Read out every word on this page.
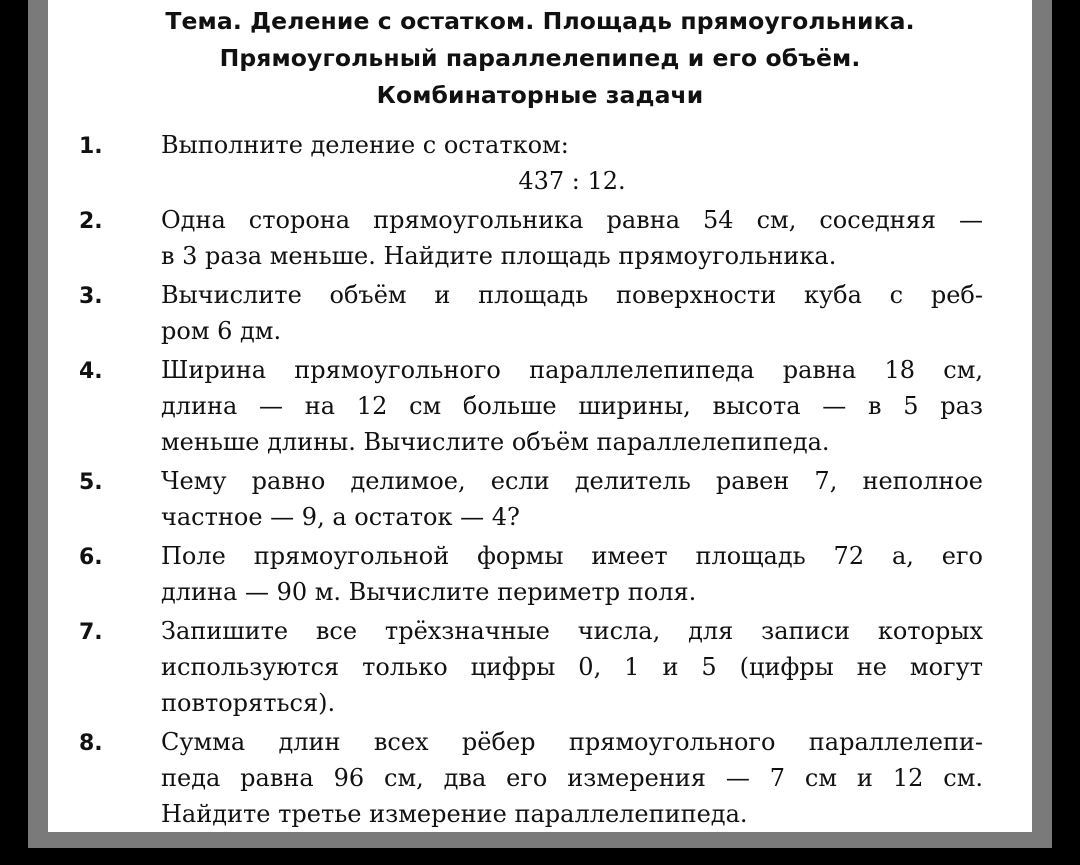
Тема. Деление с остатком. Площадь прямоугольника.
Прямоугольный параллелепипед и его объём.
Комбинаторные задачи
1. Выполните деление с остатком:
437 : 12.
2. Одна сторона прямоугольника равна 54 см, соседняя —
в 3 раза меньше. Найдите площадь прямоугольника.
3. Вычислите объём и площадь поверхности куба с реб-
ром 6 дм.
4. Ширина прямоугольного параллелепипеда равна 18 см,
длина — на 12 см больше ширины, высота — в 5 раз
меньше длины. Вычислите объём параллелепипеда.
5. Чему равно делимое, если делитель равен 7, неполное
частное — 9, а остаток — 4?
6. Поле прямоугольной формы имеет площадь 72 а, его
длина — 90 м. Вычислите периметр поля.
7. Запишите все трёхзначные числа, для записи которых
используются только цифры 0, 1 и 5 (цифры не могут
повторяться).
8. Сумма длин всех рёбер прямоугольного параллелепи-
педа равна 96 см, два его измерения — 7 см и 12 см.
Найдите третье измерение параллелепипеда.
